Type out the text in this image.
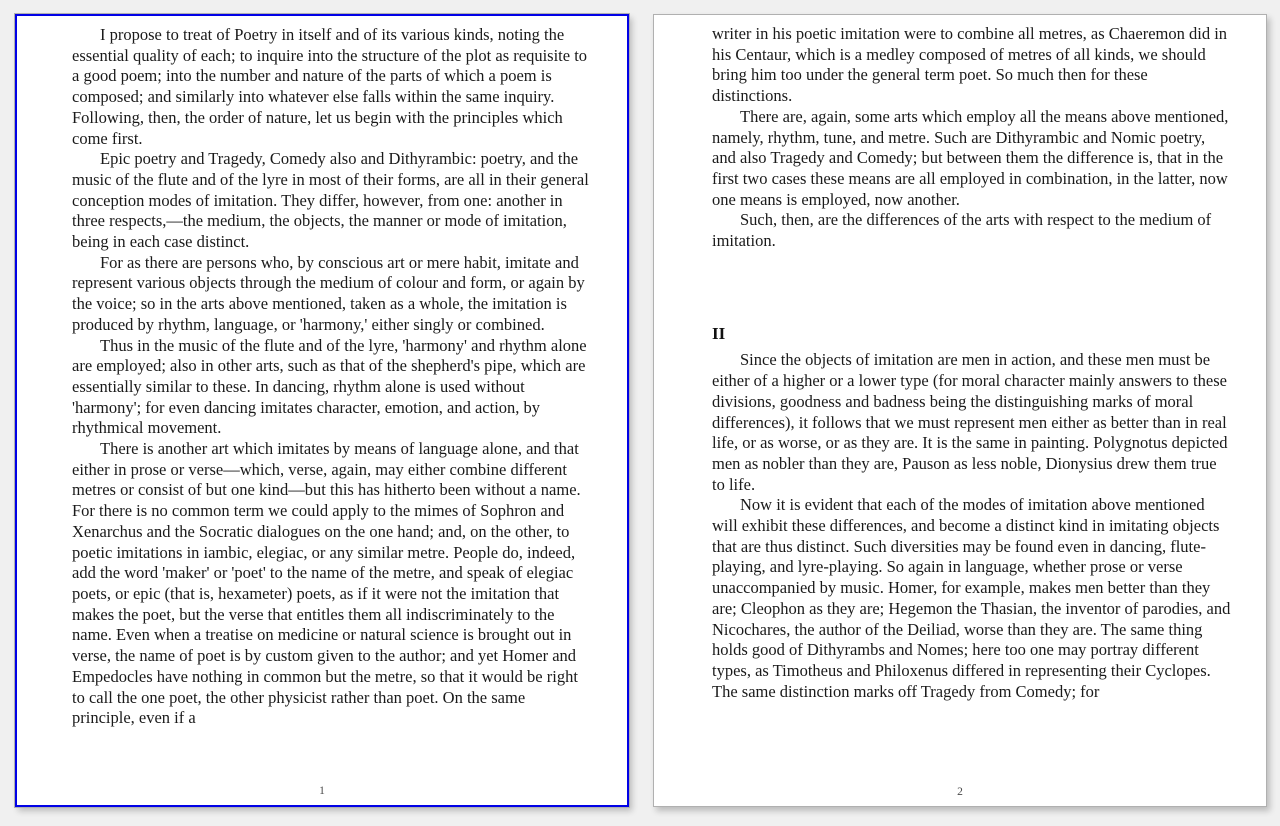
I propose to treat of Poetry in itself and of its various kinds, noting the essential quality of each; to inquire into the structure of the plot as requisite to a good poem; into the number and nature of the parts of which a poem is composed; and similarly into whatever else falls within the same inquiry. Following, then, the order of nature, let us begin with the principles which come first.

Epic poetry and Tragedy, Comedy also and Dithyrambic: poetry, and the music of the flute and of the lyre in most of their forms, are all in their general conception modes of imitation. They differ, however, from one: another in three respects,—the medium, the objects, the manner or mode of imitation, being in each case distinct.

For as there are persons who, by conscious art or mere habit, imitate and represent various objects through the medium of colour and form, or again by the voice; so in the arts above mentioned, taken as a whole, the imitation is produced by rhythm, language, or 'harmony,' either singly or combined.

Thus in the music of the flute and of the lyre, 'harmony' and rhythm alone are employed; also in other arts, such as that of the shepherd's pipe, which are essentially similar to these. In dancing, rhythm alone is used without 'harmony'; for even dancing imitates character, emotion, and action, by rhythmical movement.

There is another art which imitates by means of language alone, and that either in prose or verse—which, verse, again, may either combine different metres or consist of but one kind—but this has hitherto been without a name. For there is no common term we could apply to the mimes of Sophron and Xenarchus and the Socratic dialogues on the one hand; and, on the other, to poetic imitations in iambic, elegiac, or any similar metre. People do, indeed, add the word 'maker' or 'poet' to the name of the metre, and speak of elegiac poets, or epic (that is, hexameter) poets, as if it were not the imitation that makes the poet, but the verse that entitles them all indiscriminately to the name. Even when a treatise on medicine or natural science is brought out in verse, the name of poet is by custom given to the author; and yet Homer and Empedocles have nothing in common but the metre, so that it would be right to call the one poet, the other physicist rather than poet. On the same principle, even if a

1

writer in his poetic imitation were to combine all metres, as Chaeremon did in his Centaur, which is a medley composed of metres of all kinds, we should bring him too under the general term poet. So much then for these distinctions.

There are, again, some arts which employ all the means above mentioned, namely, rhythm, tune, and metre. Such are Dithyrambic and Nomic poetry, and also Tragedy and Comedy; but between them the difference is, that in the first two cases these means are all employed in combination, in the latter, now one means is employed, now another.

Such, then, are the differences of the arts with respect to the medium of imitation.

II

Since the objects of imitation are men in action, and these men must be either of a higher or a lower type (for moral character mainly answers to these divisions, goodness and badness being the distinguishing marks of moral differences), it follows that we must represent men either as better than in real life, or as worse, or as they are. It is the same in painting. Polygnotus depicted men as nobler than they are, Pauson as less noble, Dionysius drew them true to life.

Now it is evident that each of the modes of imitation above mentioned will exhibit these differences, and become a distinct kind in imitating objects that are thus distinct. Such diversities may be found even in dancing, flute-playing, and lyre-playing. So again in language, whether prose or verse unaccompanied by music. Homer, for example, makes men better than they are; Cleophon as they are; Hegemon the Thasian, the inventor of parodies, and Nicochares, the author of the Deiliad, worse than they are. The same thing holds good of Dithyrambs and Nomes; here too one may portray different types, as Timotheus and Philoxenus differed in representing their Cyclopes. The same distinction marks off Tragedy from Comedy; for

2
